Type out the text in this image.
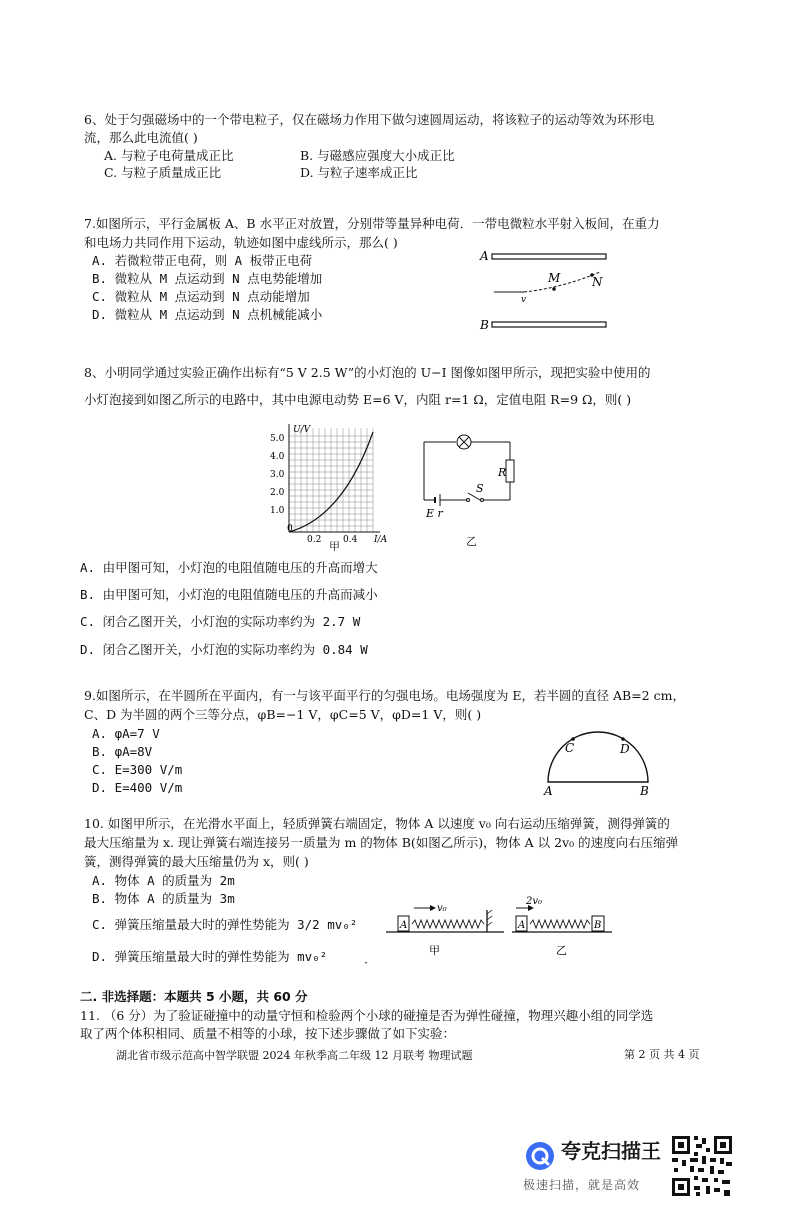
6、处于匀强磁场中的一个带电粒子，仅在磁场力作用下做匀速圆周运动，将该粒子的运动等效为环形电
流，那么此电流值( )
A. 与粒子电荷量成正比	B. 与磁感应强度大小成正比
C. 与粒子质量成正比	D. 与粒子速率成正比
7.如图所示，平行金属板 A、B 水平正对放置，分别带等量异种电荷．一带电微粒水平射入板间，在重力
和电场力共同作用下运动，轨迹如图中虚线所示，那么( )
A. 若微粒带正电荷，则 A 板带正电荷
B. 微粒从 M 点运动到 N 点电势能增加
C. 微粒从 M 点运动到 N 点动能增加
D. 微粒从 M 点运动到 N 点机械能减小
A
B
M	N
v
8、小明同学通过实验正确作出标有“5 V 2.5 W”的小灯泡的 U−I 图像如图甲所示，现把实验中使用的
小灯泡接到如图乙所示的电路中，其中电源电动势 E=6 V，内阻 r=1 Ω，定值电阻 R=9 Ω，则( )
U/V
5.0
4.0
3.0
2.0
1.0
0
0.2 0.4 I/A
甲
R
S
E r
乙
A. 由甲图可知，小灯泡的电阻值随电压的升高而增大
B. 由甲图可知，小灯泡的电阻值随电压的升高而减小
C. 闭合乙图开关，小灯泡的实际功率约为 2.7 W
D. 闭合乙图开关，小灯泡的实际功率约为 0.84 W
9.如图所示，在半圆所在平面内，有一与该平面平行的匀强电场。电场强度为 E，若半圆的直径 AB=2 cm，
C、D 为半圆的两个三等分点，φB=−1 V，φC=5 V，φD=1 V，则( )
A. φA=7 V
B. φA=8V
C. E=300 V/m
D. E=400 V/m
C	D
A	B
10. 如图甲所示，在光滑水平面上，轻质弹簧右端固定，物体 A 以速度 v₀ 向右运动压缩弹簧，测得弹簧的
最大压缩量为 x. 现让弹簧右端连接另一质量为 m 的物体 B(如图乙所示)，物体 A 以 2v₀ 的速度向右压缩弹
簧，测得弹簧的最大压缩量仍为 x，则( )
A. 物体 A 的质量为 2m
B. 物体 A 的质量为 3m
C. 弹簧压缩量最大时的弹性势能为 3/2 mv₀²
D. 弹簧压缩量最大时的弹性势能为 mv₀²	·
A
v₀
A	B
2v₀
甲	乙
二. 非选择题：本题共 5 小题，共 60 分
11. （6 分）为了验证碰撞中的动量守恒和检验两个小球的碰撞是否为弹性碰撞，物理兴趣小组的同学选
取了两个体积相同、质量不相等的小球，按下述步骤做了如下实验：
湖北省市级示范高中智学联盟 2024 年秋季高二年级 12 月联考 物理试题	第 2 页 共 4 页
夸克扫描王
极速扫描，就是高效
